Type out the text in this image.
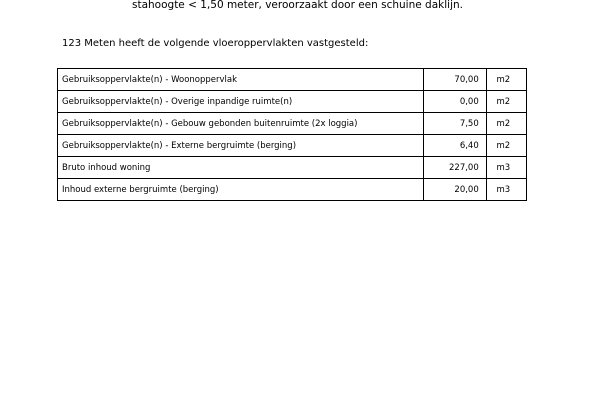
stahoogte < 1,50 meter, veroorzaakt door een schuine daklijn.
123 Meten heeft de volgende vloeroppervlakten vastgesteld:
Gebruiksoppervlakte(n) - Woonoppervlak	70,00	m2
Gebruiksoppervlakte(n) - Overige inpandige ruimte(n)	0,00	m2
Gebruiksoppervlakte(n) - Gebouw gebonden buitenruimte (2x loggia)	7,50	m2
Gebruiksoppervlakte(n) - Externe bergruimte (berging)	6,40	m2
Bruto inhoud woning	227,00	m3
Inhoud externe bergruimte (berging)	20,00	m3
